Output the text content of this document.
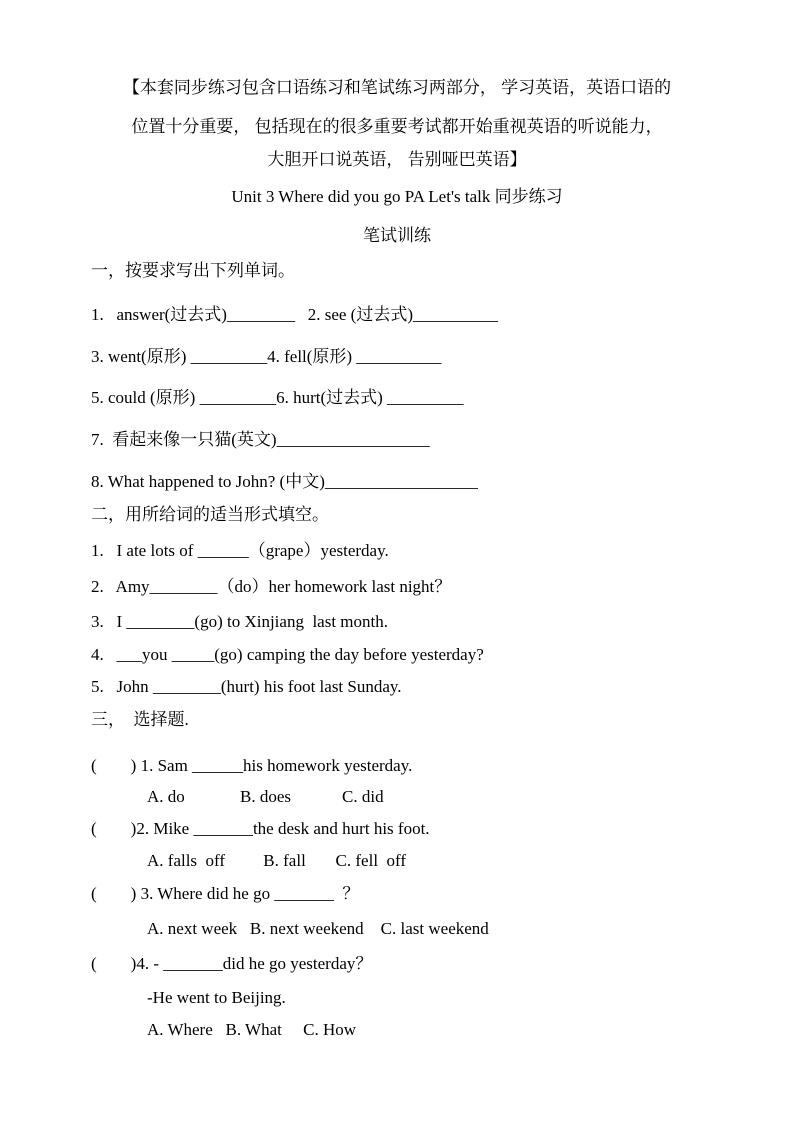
【本套同步练习包含口语练习和笔试练习两部分， 学习英语，英语口语的
位置十分重要， 包括现在的很多重要考试都开始重视英语的听说能力，
大胆开口说英语， 告别哑巴英语】
Unit 3 Where did you go PA Let's talk 同步练习
笔试训练
一，按要求写出下列单词。
1.   answer(过去式)________   2. see (过去式)__________
3. went(原形) _________4. fell(原形) __________
5. could (原形) _________6. hurt(过去式) _________
7.  看起来像一只猫(英文)__________________
8. What happened to John? (中文)__________________
二，用所给词的适当形式填空。
1.   I ate lots of ______（grape）yesterday.
2.   Amy________（do）her homework last night？
3.   I ________(go) to Xinjiang  last month.
4.   ___you _____(go) camping the day before yesterday?
5.   John ________(hurt) his foot last Sunday.
三，  选择题.
(        ) 1. Sam ______his homework yesterday.
A. do             B. does            C. did
(        )2. Mike _______the desk and hurt his foot.
A. falls  off         B. fall       C. fell  off
(        ) 3. Where did he go _______  ？
A. next week   B. next weekend    C. last weekend
(        )4. - _______did he go yesterday？
-He went to Beijing.
A. Where   B. What     C. How
